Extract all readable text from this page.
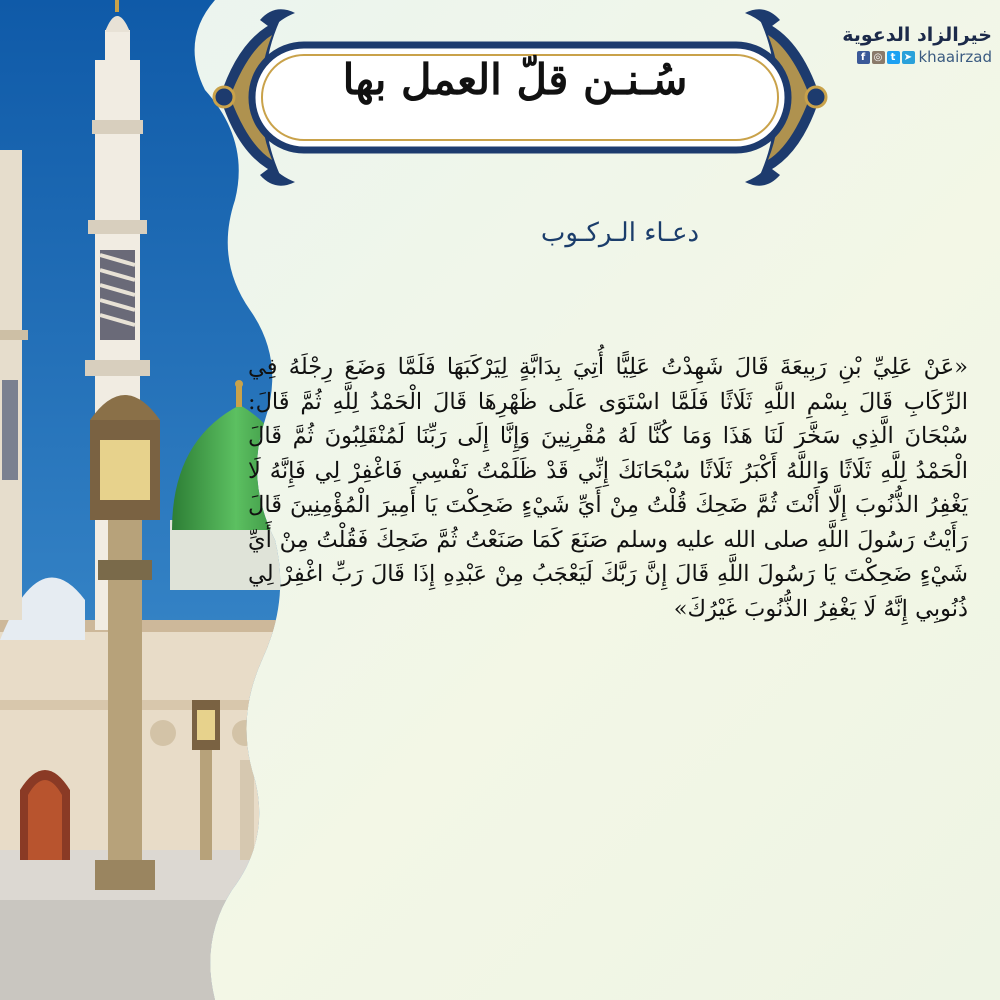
سُـنـن قلّ العمل بها
خيرالزاد الدعوية
f ◎ t ➤ khaairzad
دعـاء الـركـوب
«عَنْ عَلِيِّ بْنِ رَبِيعَةَ قَالَ شَهِدْتُ عَلِيًّا أُتِيَ بِدَابَّةٍ لِيَرْكَبَهَا فَلَمَّا وَضَعَ رِجْلَهُ فِي الرِّكَابِ قَالَ بِسْمِ اللَّهِ ثَلَاثًا فَلَمَّا اسْتَوَى عَلَى ظَهْرِهَا قَالَ الْحَمْدُ لِلَّهِ ثُمَّ قَالَ: سُبْحَانَ الَّذِي سَخَّرَ لَنَا هَذَا وَمَا كُنَّا لَهُ مُقْرِنِينَ وَإِنَّا إِلَى رَبِّنَا لَمُنْقَلِبُونَ ثُمَّ قَالَ الْحَمْدُ لِلَّهِ ثَلَاثًا وَاللَّهُ أَكْبَرُ ثَلَاثًا سُبْحَانَكَ إِنِّي قَدْ ظَلَمْتُ نَفْسِي فَاغْفِرْ لِي فَإِنَّهُ لَا يَغْفِرُ الذُّنُوبَ إِلَّا أَنْتَ ثُمَّ ضَحِكَ قُلْتُ مِنْ أَيِّ شَيْءٍ ضَحِكْتَ يَا أَمِيرَ الْمُؤْمِنِينَ قَالَ رَأَيْتُ رَسُولَ اللَّهِ صلى الله عليه وسلم صَنَعَ كَمَا صَنَعْتُ ثُمَّ ضَحِكَ فَقُلْتُ مِنْ أَيِّ شَيْءٍ ضَحِكْتَ يَا رَسُولَ اللَّهِ قَالَ إِنَّ رَبَّكَ لَيَعْجَبُ مِنْ عَبْدِهِ إِذَا قَالَ رَبِّ اغْفِرْ لِي ذُنُوبِي إِنَّهُ لَا يَغْفِرُ الذُّنُوبَ غَيْرُكَ»
